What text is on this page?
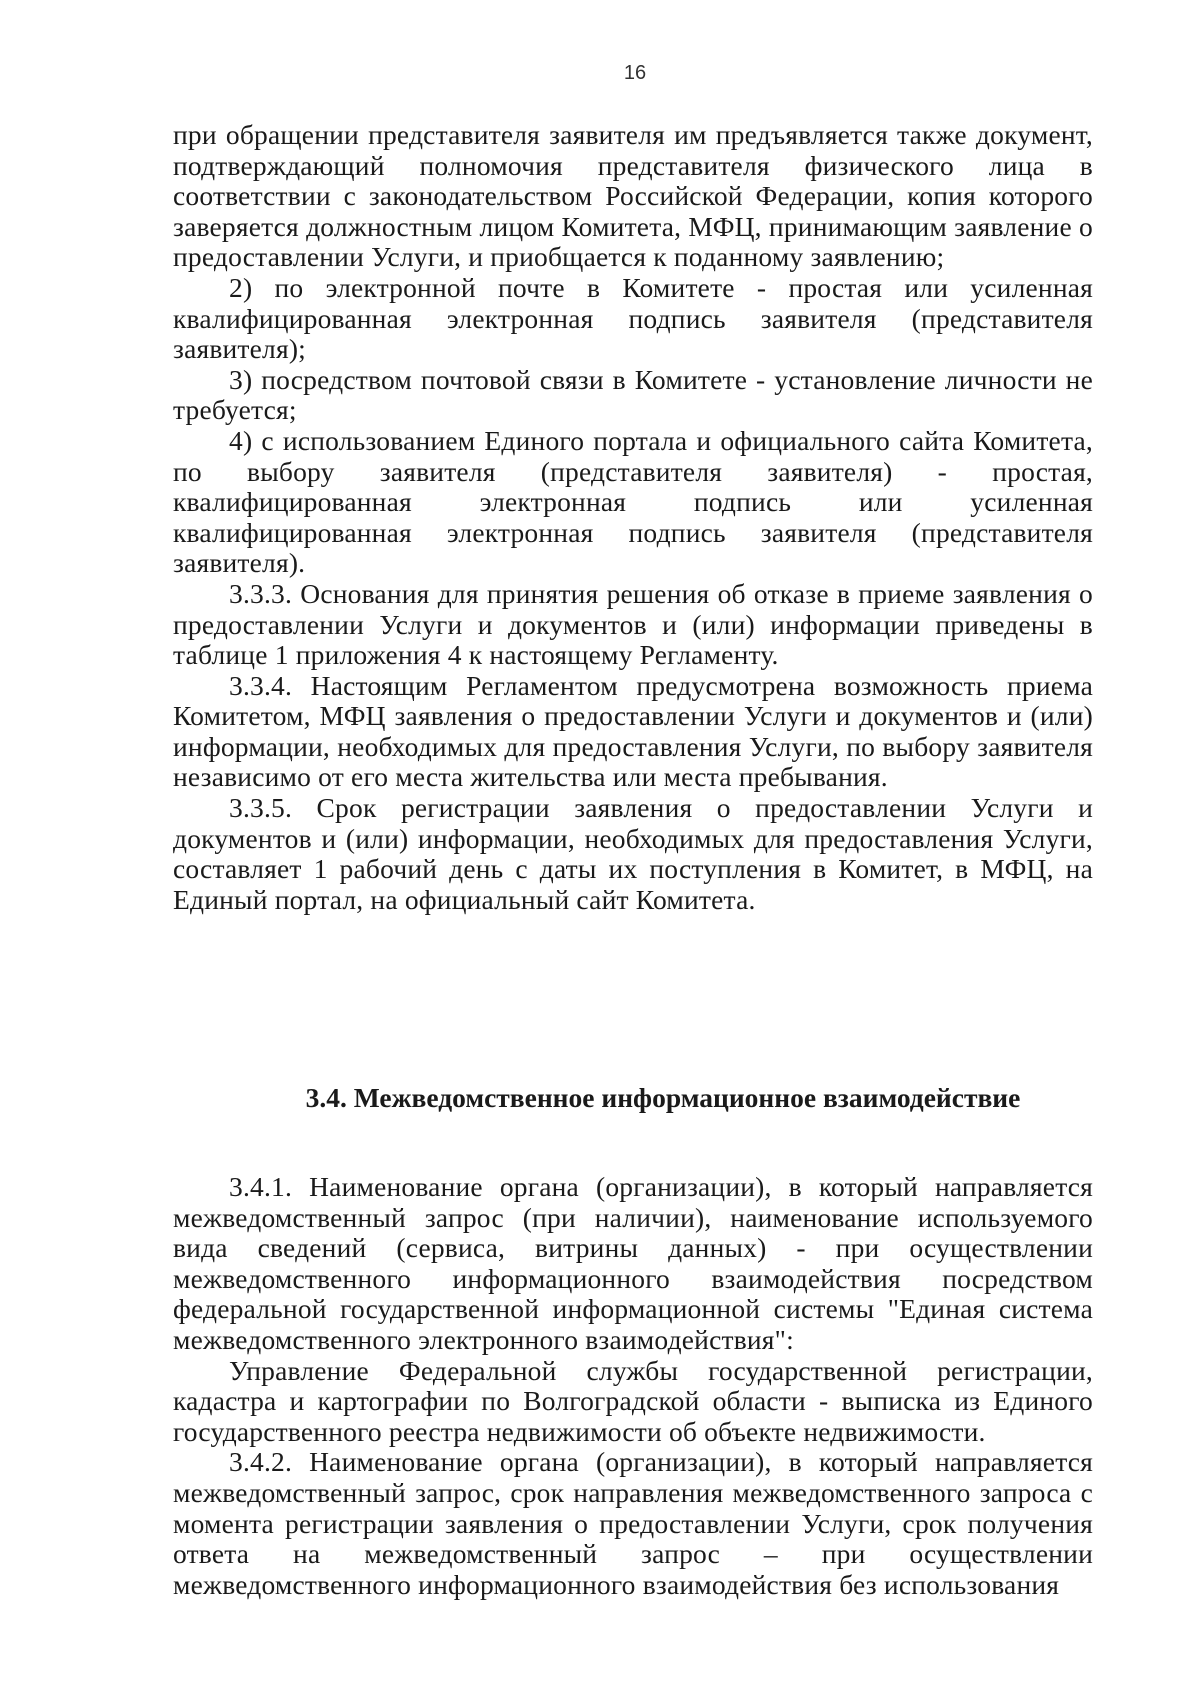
16

при обращении представителя заявителя им предъявляется также документ, подтверждающий полномочия представителя физического лица в соответствии с законодательством Российской Федерации, копия которого заверяется должностным лицом Комитета, МФЦ, принимающим заявление о предоставлении Услуги, и приобщается к поданному заявлению;

2) по электронной почте в Комитете - простая или усиленная квалифицированная электронная подпись заявителя (представителя заявителя);

3) посредством почтовой связи в Комитете - установление личности не требуется;

4) с использованием Единого портала и официального сайта Комитета, по выбору заявителя (представителя заявителя) - простая, квалифицированная электронная подпись или усиленная квалифицированная электронная подпись заявителя (представителя заявителя).

3.3.3. Основания для принятия решения об отказе в приеме заявления о предоставлении Услуги и документов и (или) информации приведены в таблице 1 приложения 4 к настоящему Регламенту.

3.3.4. Настоящим Регламентом предусмотрена возможность приема Комитетом, МФЦ заявления о предоставлении Услуги и документов и (или) информации, необходимых для предоставления Услуги, по выбору заявителя независимо от его места жительства или места пребывания.

3.3.5. Срок регистрации заявления о предоставлении Услуги и документов и (или) информации, необходимых для предоставления Услуги, составляет 1 рабочий день с даты их поступления в Комитет, в МФЦ, на Единый портал, на официальный сайт Комитета.

3.4. Межведомственное информационное взаимодействие

3.4.1. Наименование органа (организации), в который направляется межведомственный запрос (при наличии), наименование используемого вида сведений (сервиса, витрины данных) - при осуществлении межведомственного информационного взаимодействия посредством федеральной государственной информационной системы "Единая система межведомственного электронного взаимодействия":

Управление Федеральной службы государственной регистрации, кадастра и картографии по Волгоградской области - выписка из Единого государственного реестра недвижимости об объекте недвижимости.

3.4.2. Наименование органа (организации), в который направляется межведомственный запрос, срок направления межведомственного запроса с момента регистрации заявления о предоставлении Услуги, срок получения ответа на межведомственный запрос – при осуществлении межведомственного информационного взаимодействия без использования
